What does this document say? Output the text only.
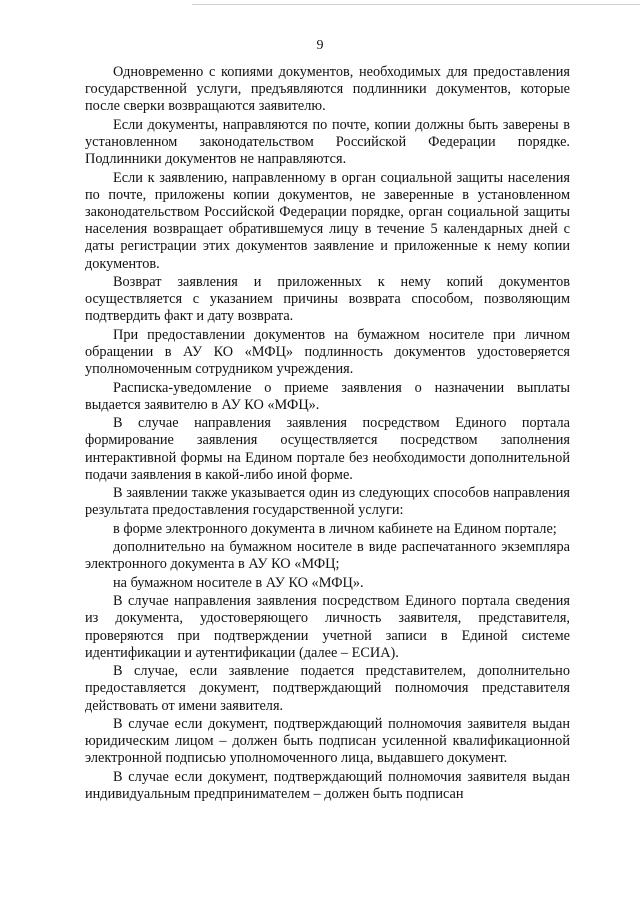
9

Одновременно с копиями документов, необходимых для предоставления государственной услуги, предъявляются подлинники документов, которые после сверки возвращаются заявителю.

Если документы, направляются по почте, копии должны быть заверены в установленном законодательством Российской Федерации порядке. Подлинники документов не направляются.

Если к заявлению, направленному в орган социальной защиты населения по почте, приложены копии документов, не заверенные в установленном законодательством Российской Федерации порядке, орган социальной защиты населения возвращает обратившемуся лицу в течение 5 календарных дней с даты регистрации этих документов заявление и приложенные к нему копии документов.

Возврат заявления и приложенных к нему копий документов осуществляется с указанием причины возврата способом, позволяющим подтвердить факт и дату возврата.

При предоставлении документов на бумажном носителе при личном обращении в АУ КО «МФЦ» подлинность документов удостоверяется уполномоченным сотрудником учреждения.

Расписка-уведомление о приеме заявления о назначении выплаты выдается заявителю в АУ КО «МФЦ».

В случае направления заявления посредством Единого портала формирование заявления осуществляется посредством заполнения интерактивной формы на Едином портале без необходимости дополнительной подачи заявления в какой-либо иной форме.

В заявлении также указывается один из следующих способов направления результата предоставления государственной услуги:

в форме электронного документа в личном кабинете на Едином портале;

дополнительно на бумажном носителе в виде распечатанного экземпляра электронного документа в АУ КО «МФЦ;

на бумажном носителе в АУ КО «МФЦ».

В случае направления заявления посредством Единого портала сведения из документа, удостоверяющего личность заявителя, представителя, проверяются при подтверждении учетной записи в Единой системе идентификации и аутентификации (далее – ЕСИА).

В случае, если заявление подается представителем, дополнительно предоставляется документ, подтверждающий полномочия представителя действовать от имени заявителя.

В случае если документ, подтверждающий полномочия заявителя выдан юридическим лицом – должен быть подписан усиленной квалификационной электронной подписью уполномоченного лица, выдавшего документ.

В случае если документ, подтверждающий полномочия заявителя выдан индивидуальным предпринимателем – должен быть подписан
